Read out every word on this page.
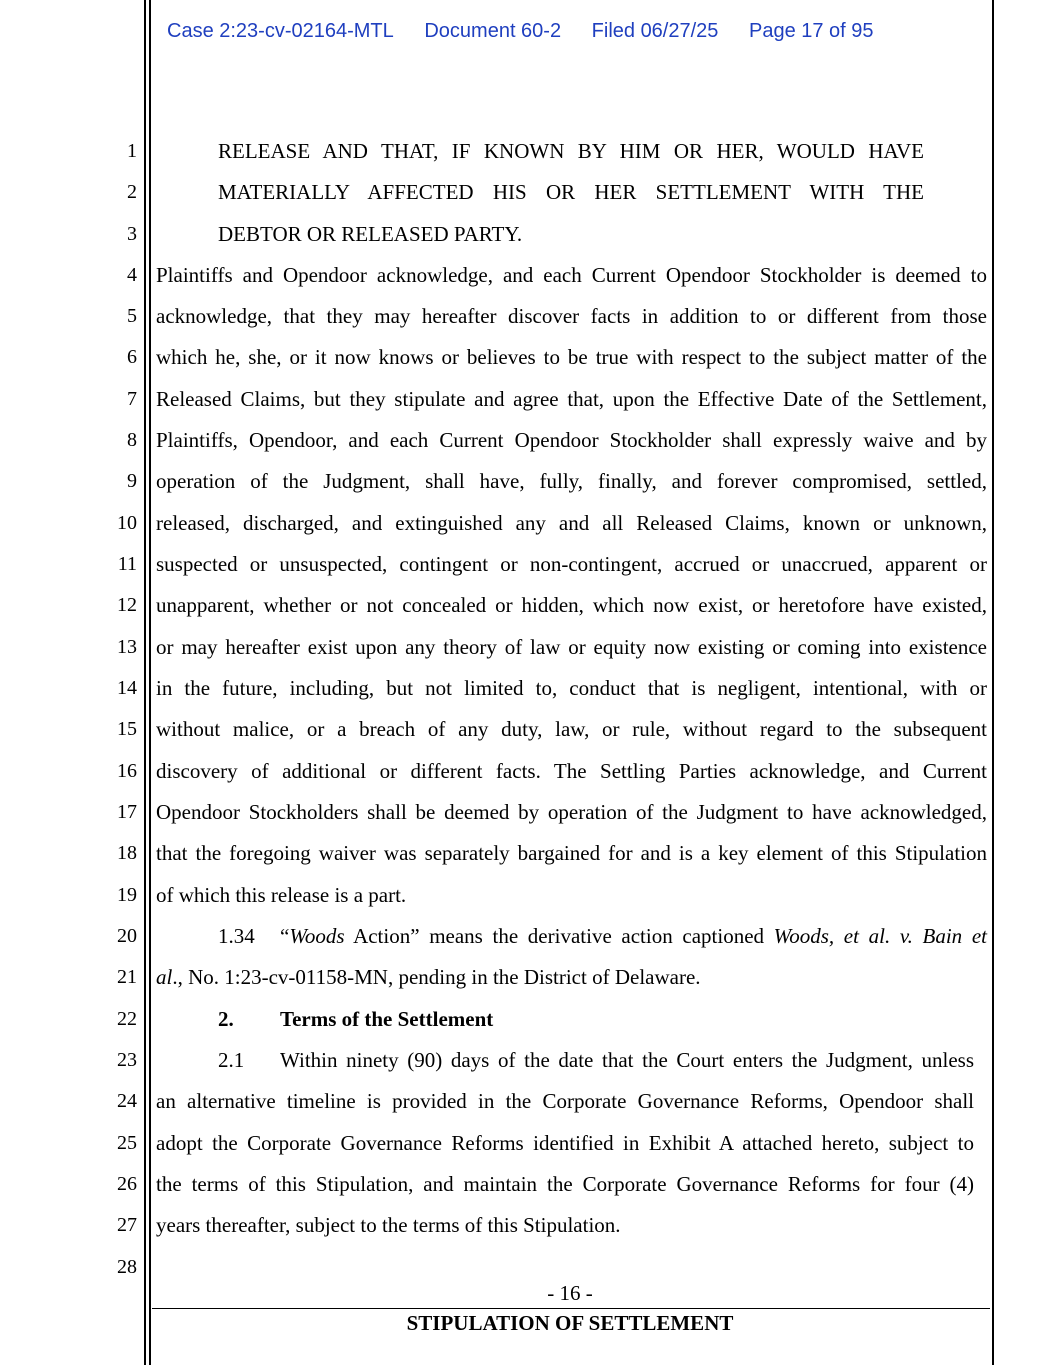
Case 2:23-cv-02164-MTL Document 60-2 Filed 06/27/25 Page 17 of 95
1
2
3
4
5
6
7
8
9
10
11
12
13
14
15
16
17
18
19
20
21
22
23
24
25
26
27
28
RELEASE AND THAT, IF KNOWN BY HIM OR HER, WOULD HAVE
MATERIALLY AFFECTED HIS OR HER SETTLEMENT WITH THE
DEBTOR OR RELEASED PARTY.
Plaintiffs and Opendoor acknowledge, and each Current Opendoor Stockholder is deemed to
acknowledge, that they may hereafter discover facts in addition to or different from those
which he, she, or it now knows or believes to be true with respect to the subject matter of the
Released Claims, but they stipulate and agree that, upon the Effective Date of the Settlement,
Plaintiffs, Opendoor, and each Current Opendoor Stockholder shall expressly waive and by
operation of the Judgment, shall have, fully, finally, and forever compromised, settled,
released, discharged, and extinguished any and all Released Claims, known or unknown,
suspected or unsuspected, contingent or non-contingent, accrued or unaccrued, apparent or
unapparent, whether or not concealed or hidden, which now exist, or heretofore have existed,
or may hereafter exist upon any theory of law or equity now existing or coming into existence
in the future, including, but not limited to, conduct that is negligent, intentional, with or
without malice, or a breach of any duty, law, or rule, without regard to the subsequent
discovery of additional or different facts. The Settling Parties acknowledge, and Current
Opendoor Stockholders shall be deemed by operation of the Judgment to have acknowledged,
that the foregoing waiver was separately bargained for and is a key element of this Stipulation
of which this release is a part.
1.34 “Woods Action” means the derivative action captioned Woods, et al. v. Bain et
al., No. 1:23-cv-01158-MN, pending in the District of Delaware.
2. Terms of the Settlement
2.1 Within ninety (90) days of the date that the Court enters the Judgment, unless
an alternative timeline is provided in the Corporate Governance Reforms, Opendoor shall
adopt the Corporate Governance Reforms identified in Exhibit A attached hereto, subject to
the terms of this Stipulation, and maintain the Corporate Governance Reforms for four (4)
years thereafter, subject to the terms of this Stipulation.
- 16 -
STIPULATION OF SETTLEMENT
